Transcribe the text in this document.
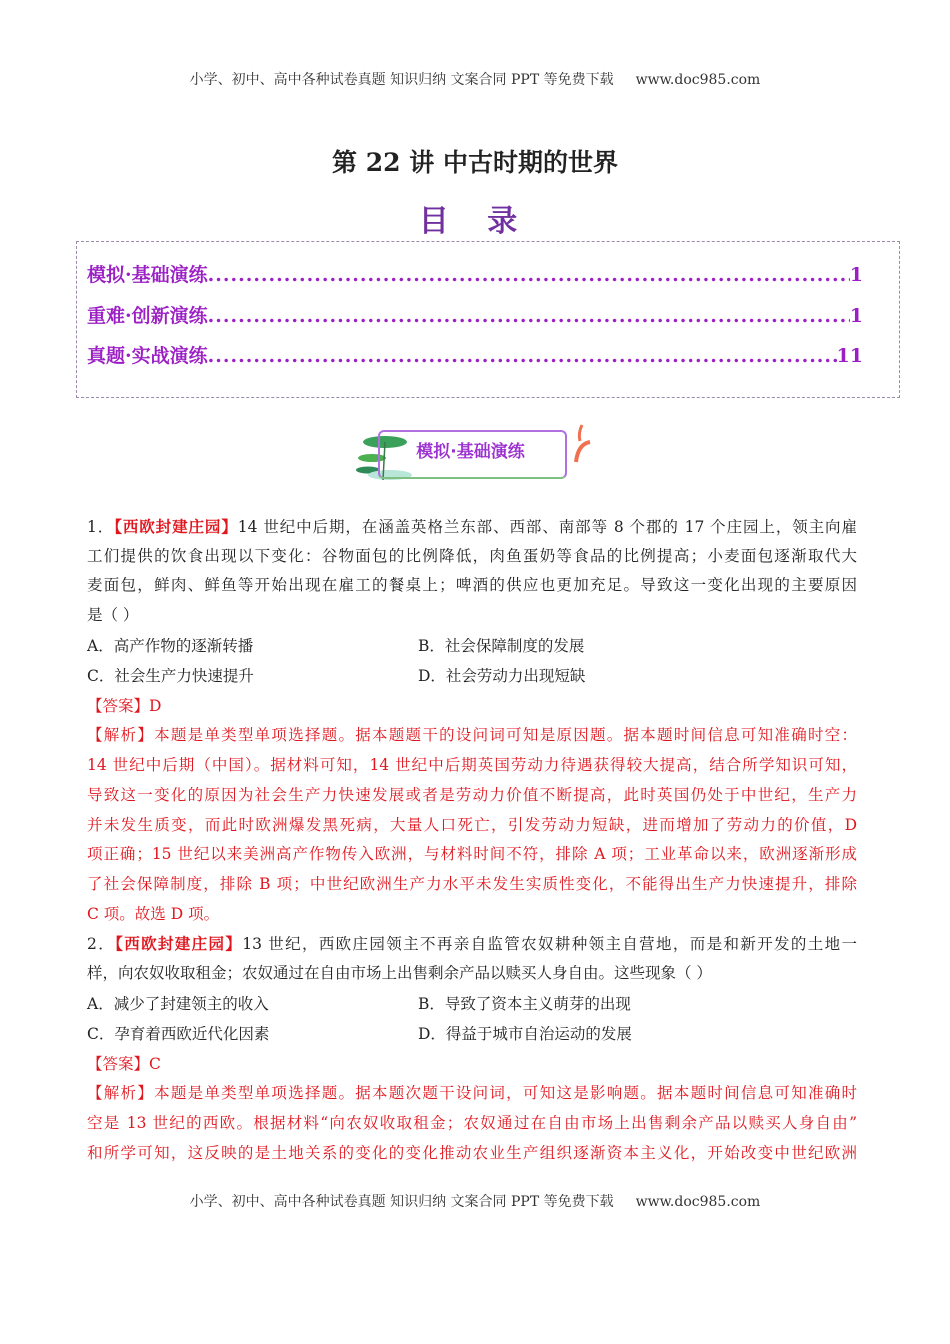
小学、初中、高中各种试卷真题 知识归纳 文案合同 PPT 等免费下载 www.doc985.com
第 22 讲 中古时期的世界
目 录
模拟·基础演练 .....	1
重难·创新演练 .....	1
真题·实战演练 .....	11
模拟·基础演练
1．【西欧封建庄园】14 世纪中后期，在涵盖英格兰东部、西部、南部等 8 个郡的 17 个庄园上，领主向雇
工们提供的饮食出现以下变化：谷物面包的比例降低，肉鱼蛋奶等食品的比例提高；小麦面包逐渐取代大
麦面包，鲜肉、鲜鱼等开始出现在雇工的餐桌上；啤酒的供应也更加充足。导致这一变化出现的主要原因
是（ ）
A．高产作物的逐渐转播	B．社会保障制度的发展
C．社会生产力快速提升	D．社会劳动力出现短缺
【答案】D
【解析】本题是单类型单项选择题。据本题题干的设问词可知是原因题。据本题时间信息可知准确时空：
14 世纪中后期（中国）。据材料可知，14 世纪中后期英国劳动力待遇获得较大提高，结合所学知识可知，
导致这一变化的原因为社会生产力快速发展或者是劳动力价值不断提高，此时英国仍处于中世纪，生产力
并未发生质变，而此时欧洲爆发黑死病，大量人口死亡，引发劳动力短缺，进而增加了劳动力的价值，D
项正确；15 世纪以来美洲高产作物传入欧洲，与材料时间不符，排除 A 项；工业革命以来，欧洲逐渐形成
了社会保障制度，排除 B 项；中世纪欧洲生产力水平未发生实质性变化，不能得出生产力快速提升，排除
C 项。故选 D 项。
2．【西欧封建庄园】13 世纪，西欧庄园领主不再亲自监管农奴耕种领主自营地，而是和新开发的土地一
样，向农奴收取租金；农奴通过在自由市场上出售剩余产品以赎买人身自由。这些现象（ ）
A．减少了封建领主的收入	B．导致了资本主义萌芽的出现
C．孕育着西欧近代化因素	D．得益于城市自治运动的发展
【答案】C
【解析】本题是单类型单项选择题。据本题次题干设问词，可知这是影响题。据本题时间信息可知准确时
空是 13 世纪的西欧。根据材料“向农奴收取租金；农奴通过在自由市场上出售剩余产品以赎买人身自由”
和所学可知，这反映的是土地关系的变化的变化推动农业生产组织逐渐资本主义化，开始改变中世纪欧洲
小学、初中、高中各种试卷真题 知识归纳 文案合同 PPT 等免费下载 www.doc985.com
